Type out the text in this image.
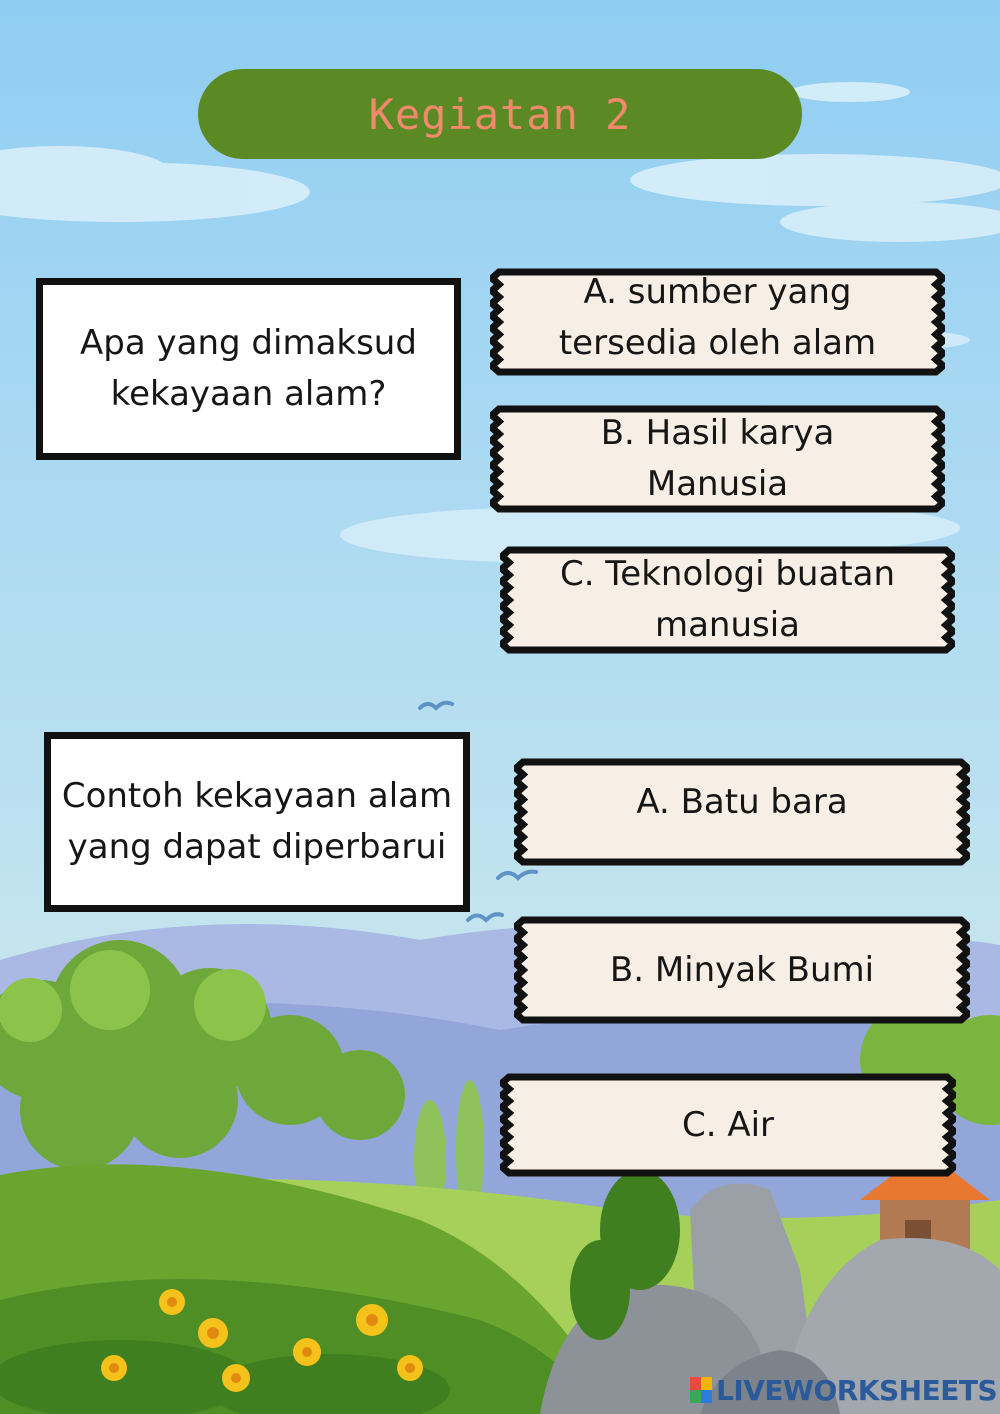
Kegiatan 2
Apa yang dimaksud
kekayaan alam?
A. sumber yang
tersedia oleh alam
B. Hasil karya
Manusia
C. Teknologi buatan
manusia
Contoh kekayaan alam
yang dapat diperbarui
A. Batu bara
B. Minyak Bumi
C. Air
LIVEWORKSHEETS
